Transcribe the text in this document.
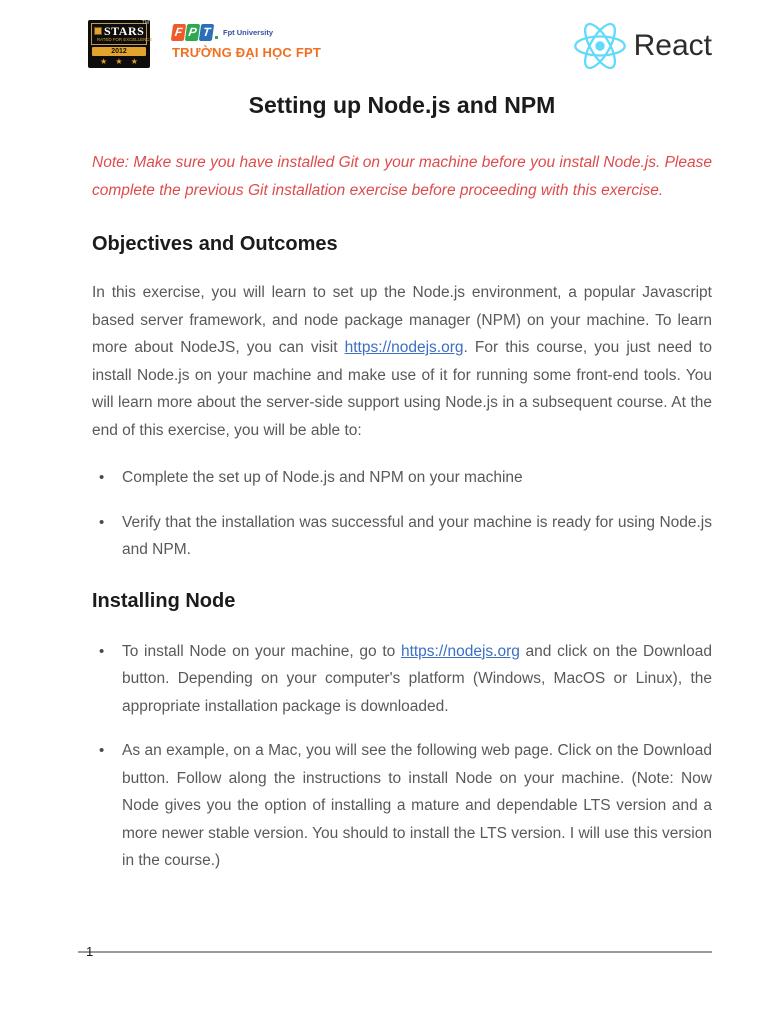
TM
STARS
RATED FOR EXCELLENCE
2012
★ ★ ★
F P T	Fpt University
TRƯỜNG ĐẠI HỌC FPT	React
Setting up Node.js and NPM

Note: Make sure you have installed Git on your machine before you install Node.js. Please complete the previous Git installation exercise before proceeding with this exercise.

Objectives and Outcomes

In this exercise, you will learn to set up the Node.js environment, a popular Javascript based server framework, and node package manager (NPM) on your machine. To learn more about NodeJS, you can visit https://nodejs.org. For this course, you just need to install Node.js on your machine and make use of it for running some front-end tools. You will learn more about the server-side support using Node.js in a subsequent course. At the end of this exercise, you will be able to:

• Complete the set up of Node.js and NPM on your machine
• Verify that the installation was successful and your machine is ready for using Node.js and NPM.
Installing Node
• To install Node on your machine, go to https://nodejs.org and click on the Download button. Depending on your computer's platform (Windows, MacOS or Linux), the appropriate installation package is downloaded.
• As an example, on a Mac, you will see the following web page. Click on the Download button. Follow along the instructions to install Node on your machine. (Note: Now Node gives you the option of installing a mature and dependable LTS version and a more newer stable version. You should to install the LTS version. I will use this version in the course.)
1
